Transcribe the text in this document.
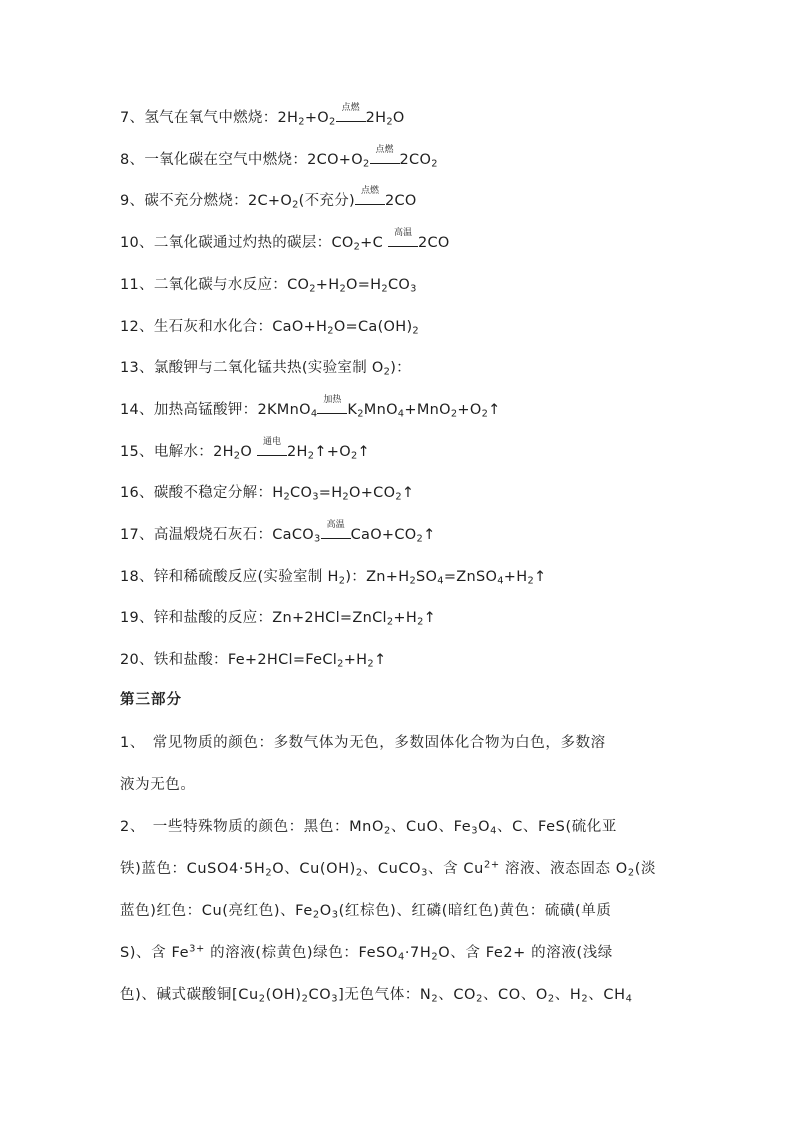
7、氢气在氧气中燃烧：$2H_2+O_2$
点燃
$2H_2O$
8、一氧化碳在空气中燃烧：$2CO+O_2$
点燃
$2CO_2$
9、碳不充分燃烧：$2C+O_2$(不充分)
点燃
2CO
10、二氧化碳通过灼热的碳层：$CO_2+C$
高温
2CO
11、二氧化碳与水反应：$CO_2+H_2O=H_2CO_3$
12、生石灰和水化合：$CaO+H_2O=Ca(OH)_2$
13、氯酸钾与二氧化锰共热(实验室制 $O_2$)：
14、加热高锰酸钾：2KMnO$_4$
加热
$K_2MnO_4+MnO_2+O_2↑$
15、电解水：$2H_2O$
通电
$2H_2↑+O_2↑$
16、碳酸不稳定分解：$H_2CO_3=H_2O+CO_2↑$
17、高温煅烧石灰石：CaCO$_3$
高温
$CaO+CO_2↑$
18、锌和稀硫酸反应(实验室制 $H_2$)：$Zn+H_2SO_4=ZnSO_4+H_2↑$
19、锌和盐酸的反应：$Zn+2HCl=ZnCl_2+H_2↑$
20、铁和盐酸：$Fe+2HCl=FeCl_2+H_2↑$
第三部分
1、　常见物质的颜色：多数气体为无色，多数固体化合物为白色，多数溶
液为无色。
2、　一些特殊物质的颜色：黑色：MnO$_2$、CuO、$Fe_3O_4$、C、FeS(硫化亚
铁)蓝色：$CuSO4\cdot 5H_2O$、$Cu(OH)_2$、CuCO$_3$、含 $Cu^{2+}$ 溶液、液态固态 $O_2$(淡
蓝色)红色：Cu(亮红色)、$Fe_2O_3$(红棕色)、红磷(暗红色)黄色：硫磺(单质
S)、含 $Fe^{3+}$ 的溶液(棕黄色)绿色：$FeSO_4\cdot 7H_2O$、含 Fe2+ 的溶液(浅绿
色)、碱式碳酸铜$[Cu_2(OH)_2CO_3]$无色气体：$N_2$、$CO_2$、CO、$O_2$、$H_2$、$CH_4$
